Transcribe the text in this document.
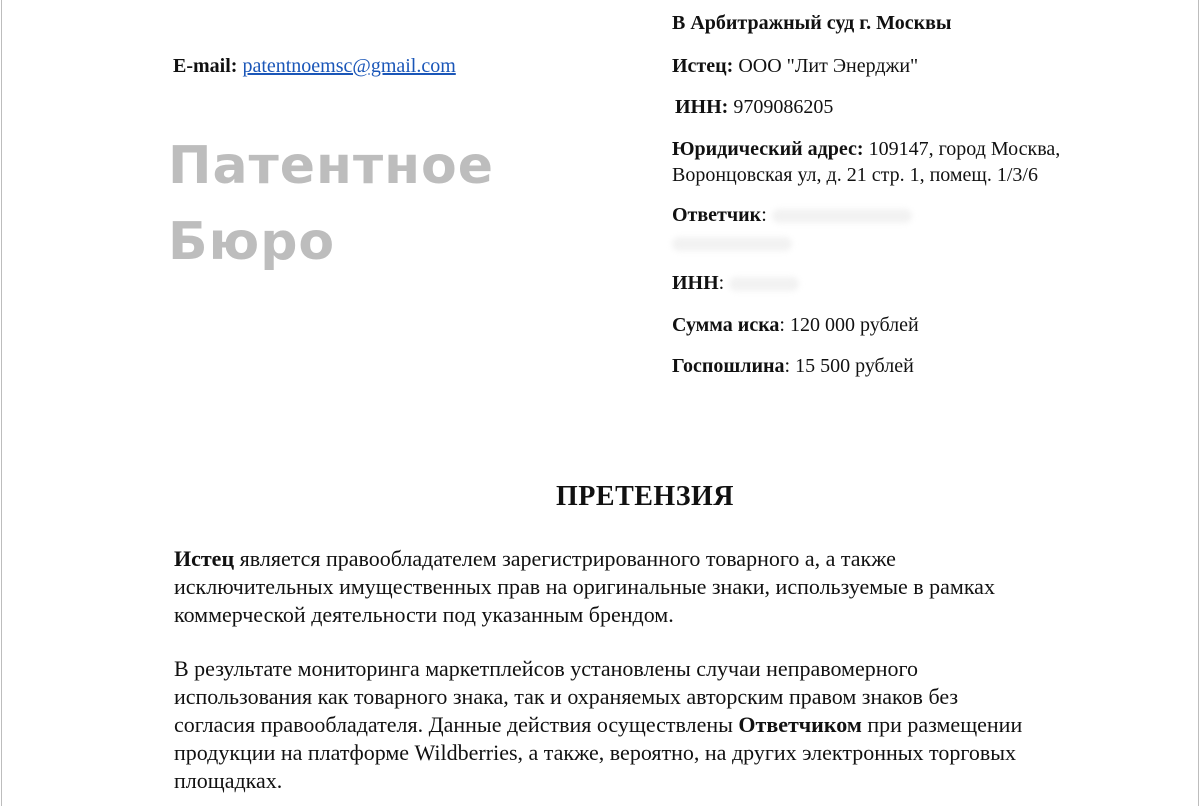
E-mail: patentnoemsc@gmail.com
Патентное
Бюро
В Арбитражный суд г. Москвы
Истец: ООО "Лит Энерджи"
ИНН: 9709086205
Юридический адрес: 109147, город Москва,
Воронцовская ул, д. 21 стр. 1, помещ. 1/3/6
Ответчик:
ИНН:
Сумма иска: 120 000 рублей
Госпошлина: 15 500 рублей
ПРЕТЕНЗИЯ
Истец является правообладателем зарегистрированного товарного а, а также
исключительных имущественных прав на оригинальные знаки, используемые в рамках
коммерческой деятельности под указанным брендом.
В результате мониторинга маркетплейсов установлены случаи неправомерного
использования как товарного знака, так и охраняемых авторским правом знаков без
согласия правообладателя. Данные действия осуществлены Ответчиком при размещении
продукции на платформе Wildberries, а также, вероятно, на других электронных торговых
площадках.
